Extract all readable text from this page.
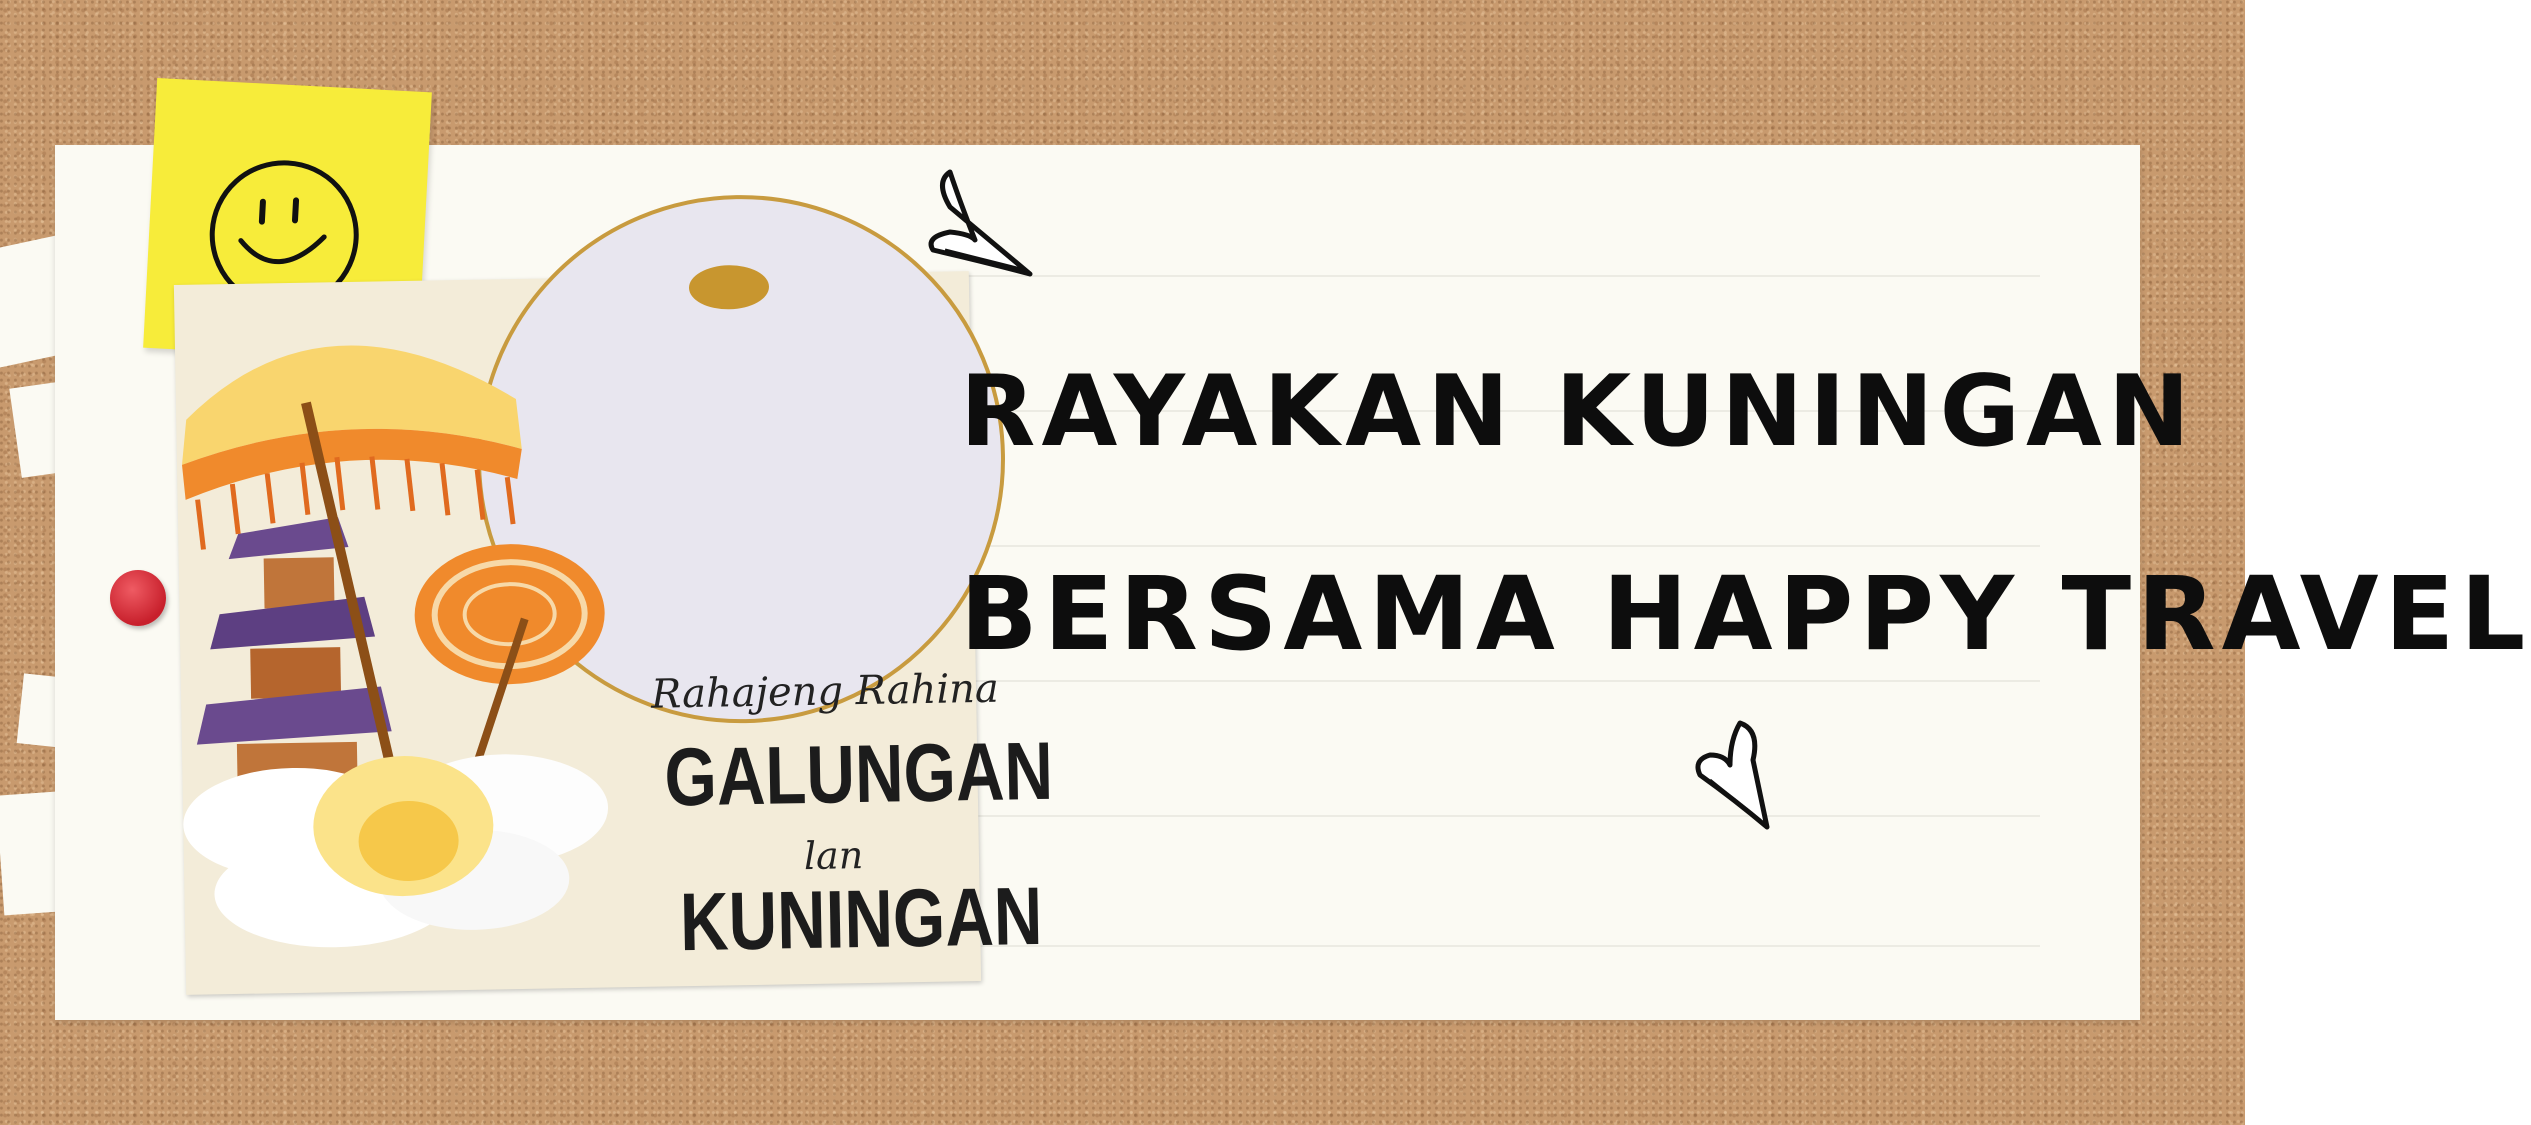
Rahajeng Rahina
GALUNGAN
lan
KUNINGAN
RAYAKAN KUNINGAN
BERSAMA HAPPY TRAVEL
